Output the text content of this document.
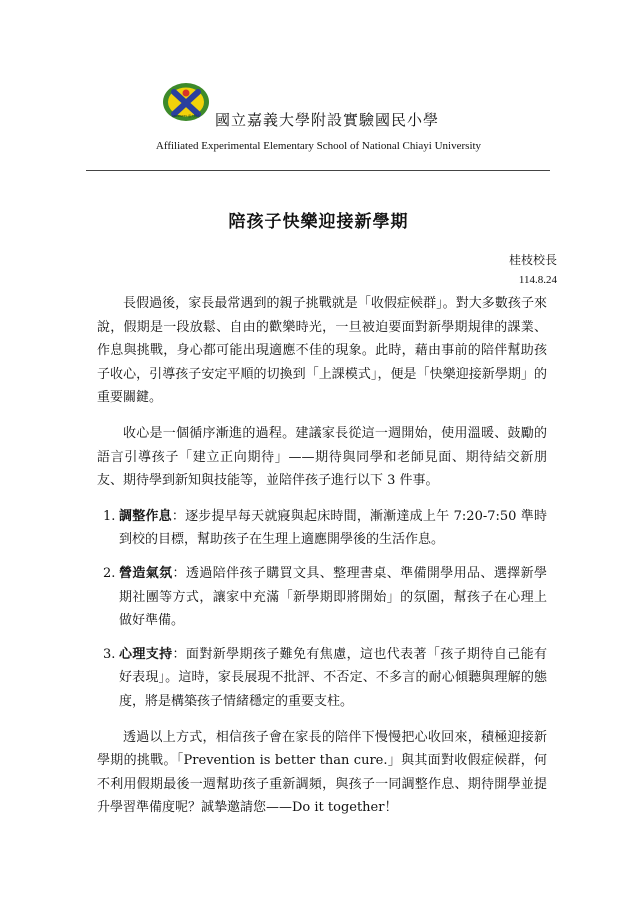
ARDENITY 嘉大附小 國立嘉義大學附設實驗國民小學
Affiliated Experimental Elementary School of National Chiayi University
陪孩子快樂迎接新學期
桂枝校長
114.8.24

長假過後，家長最常遇到的親子挑戰就是「收假症候群」。對大多數孩子來說，假期是一段放鬆、自由的歡樂時光，一旦被迫要面對新學期規律的課業、作息與挑戰，身心都可能出現適應不佳的現象。此時，藉由事前的陪伴幫助孩子收心，引導孩子安定平順的切換到「上課模式」，便是「快樂迎接新學期」的重要關鍵。

收心是一個循序漸進的過程。建議家長從這一週開始，使用溫暖、鼓勵的語言引導孩子「建立正向期待」——期待與同學和老師見面、期待結交新朋友、期待學到新知與技能等，並陪伴孩子進行以下 3 件事。

1. 調整作息：逐步提早每天就寢與起床時間，漸漸達成上午 7:20-7:50 準時到校的目標，幫助孩子在生理上適應開學後的生活作息。
2. 營造氣氛：透過陪伴孩子購買文具、整理書桌、準備開學用品、選擇新學期社團等方式，讓家中充滿「新學期即將開始」的氛圍，幫孩子在心理上做好準備。
3. 心理支持：面對新學期孩子難免有焦慮，這也代表著「孩子期待自己能有好表現」。這時，家長展現不批評、不否定、不多言的耐心傾聽與理解的態度，將是構築孩子情緒穩定的重要支柱。

透過以上方式，相信孩子會在家長的陪伴下慢慢把心收回來，積極迎接新學期的挑戰。「Prevention is better than cure.」與其面對收假症候群，何不利用假期最後一週幫助孩子重新調頻，與孩子一同調整作息、期待開學並提升學習準備度呢？誠摯邀請您——Do it together！
